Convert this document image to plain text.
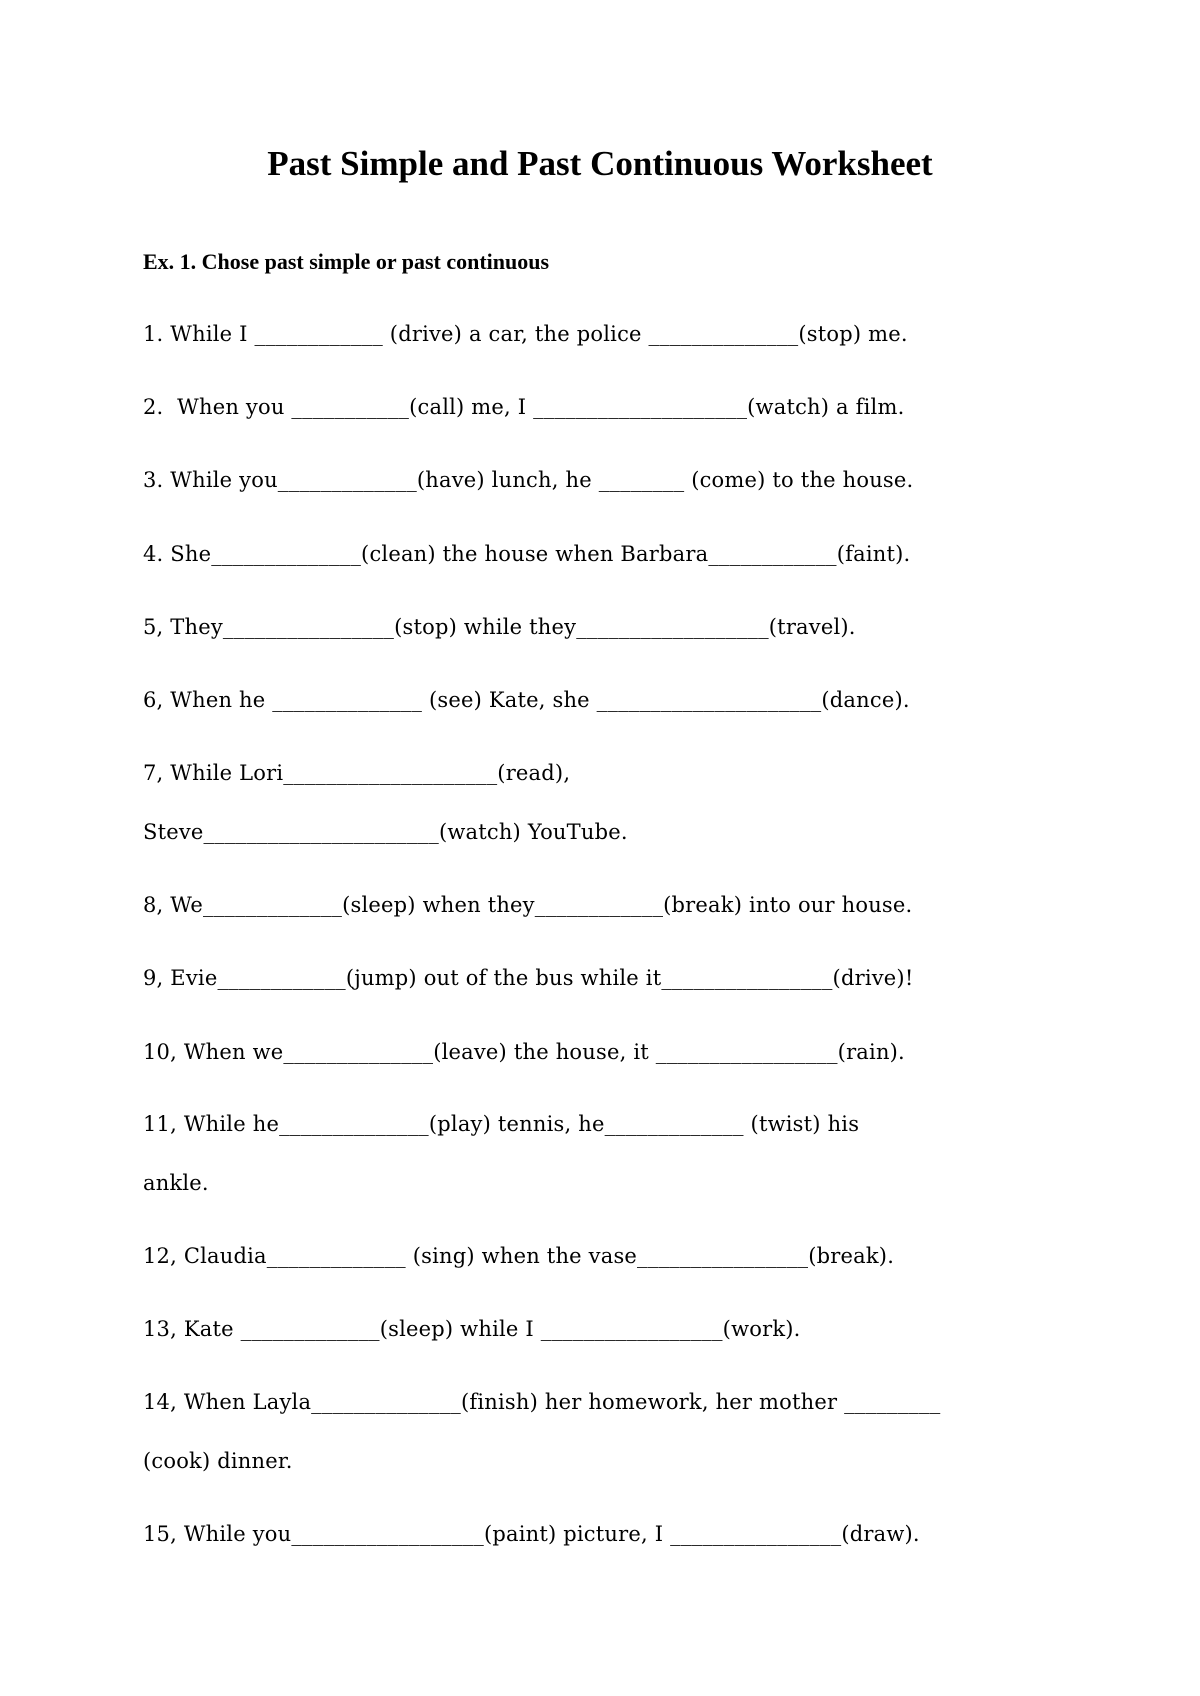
Past Simple and Past Continuous Worksheet
Ex. 1. Chose past simple or past continuous
1. While I ____________ (drive) a car, the police ______________(stop) me.
2.  When you ___________(call) me, I ____________________(watch) a film.
3. While you_____________(have) lunch, he ________ (come) to the house.
4. She______________(clean) the house when Barbara____________(faint).
5, They________________(stop) while they__________________(travel).
6, When he ______________ (see) Kate, she _____________________(dance).
7, While Lori____________________(read),
Steve______________________(watch) YouTube.
8, We_____________(sleep) when they____________(break) into our house.
9, Evie____________(jump) out of the bus while it________________(drive)!
10, When we______________(leave) the house, it _________________(rain).
11, While he______________(play) tennis, he_____________ (twist) his
ankle.
12, Claudia_____________ (sing) when the vase________________(break).
13, Kate _____________(sleep) while I _________________(work).
14, When Layla______________(finish) her homework, her mother _________
(cook) dinner.
15, While you__________________(paint) picture, I ________________(draw).
